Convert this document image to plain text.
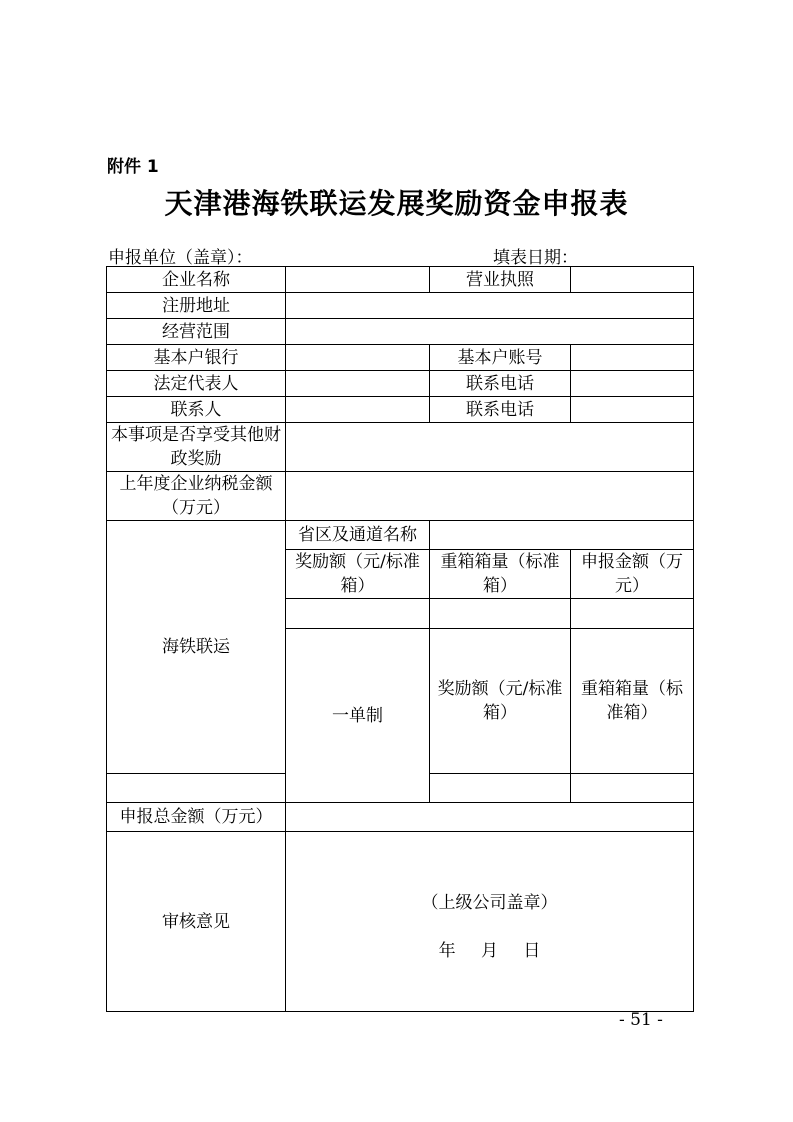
附件 1
天津港海铁联运发展奖励资金申报表
申报单位（盖章）：	填表日期：
企业名称		营业执照		
注册地址				
经营范围				
基本户银行		基本户账号		
法定代表人		联系电话		
联系人		联系电话		
本事项是否享受其他财政奖励				
上年度企业纳税金额（万元）				
海铁联运	省区及通道名称			
	奖励额（元/标准箱）	重箱箱量（标准箱）	申报金额（万元）	

	一单制	奖励额（元/标准箱）	重箱箱量（标准箱）	

申报总金额（万元）				
审核意见	（上级公司盖章）
年 月 日			
- 51 -
